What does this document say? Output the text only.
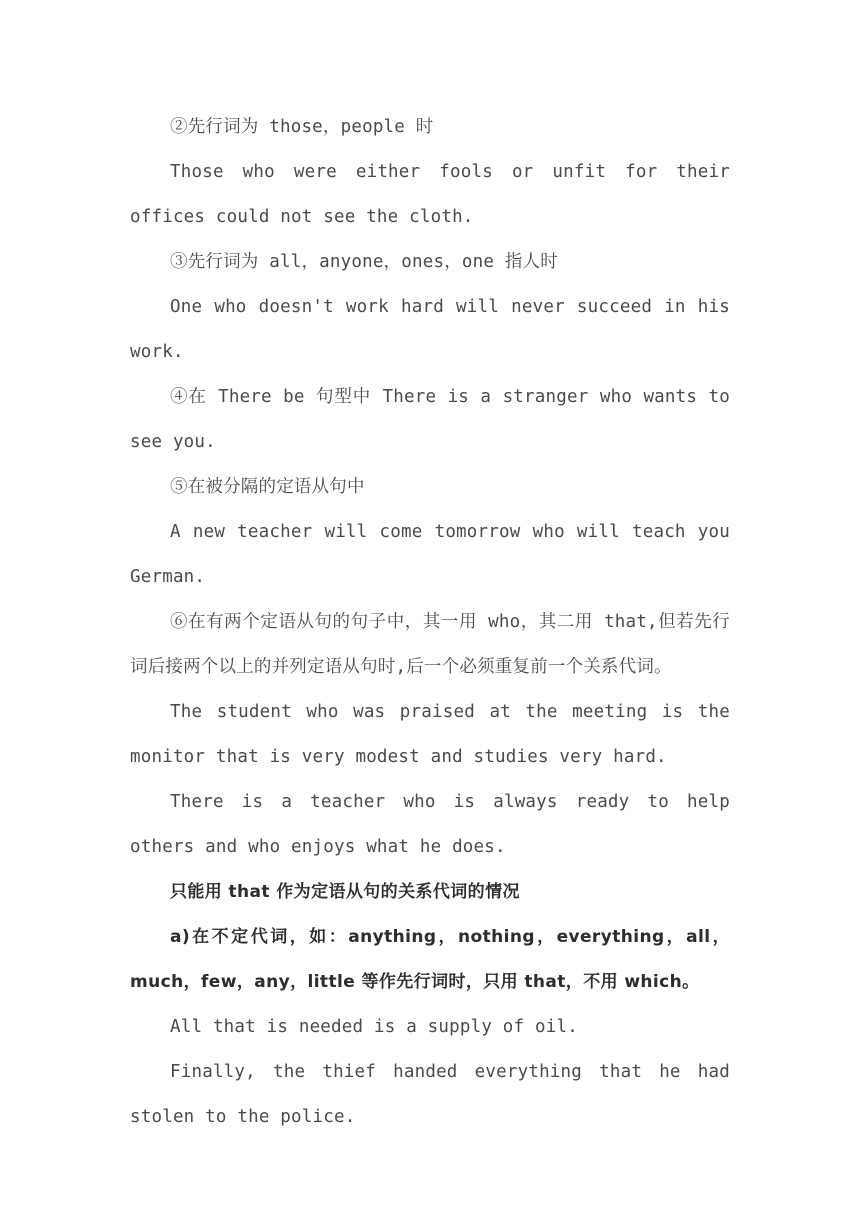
②先行词为 those，people 时

Those who were either fools or unfit for their offices could not see the cloth.

③先行词为 all，anyone，ones，one 指人时

One who doesn't work hard will never succeed in his work.

④在 There be 句型中 There is a stranger who wants to see you.

⑤在被分隔的定语从句中

A new teacher will come tomorrow who will teach you German.

⑥在有两个定语从句的句子中，其一用 who，其二用 that,但若先行词后接两个以上的并列定语从句时,后一个必须重复前一个关系代词。

The student who was praised at the meeting is the monitor that is very modest and studies very hard.

There is a teacher who is always ready to help others and who enjoys what he does.

只能用 that 作为定语从句的关系代词的情况

a)在不定代词，如：anything，nothing，everything，all，much，few，any，little 等作先行词时，只用 that，不用 which。

All that is needed is a supply of oil.

Finally, the thief handed everything that he had stolen to the police.
